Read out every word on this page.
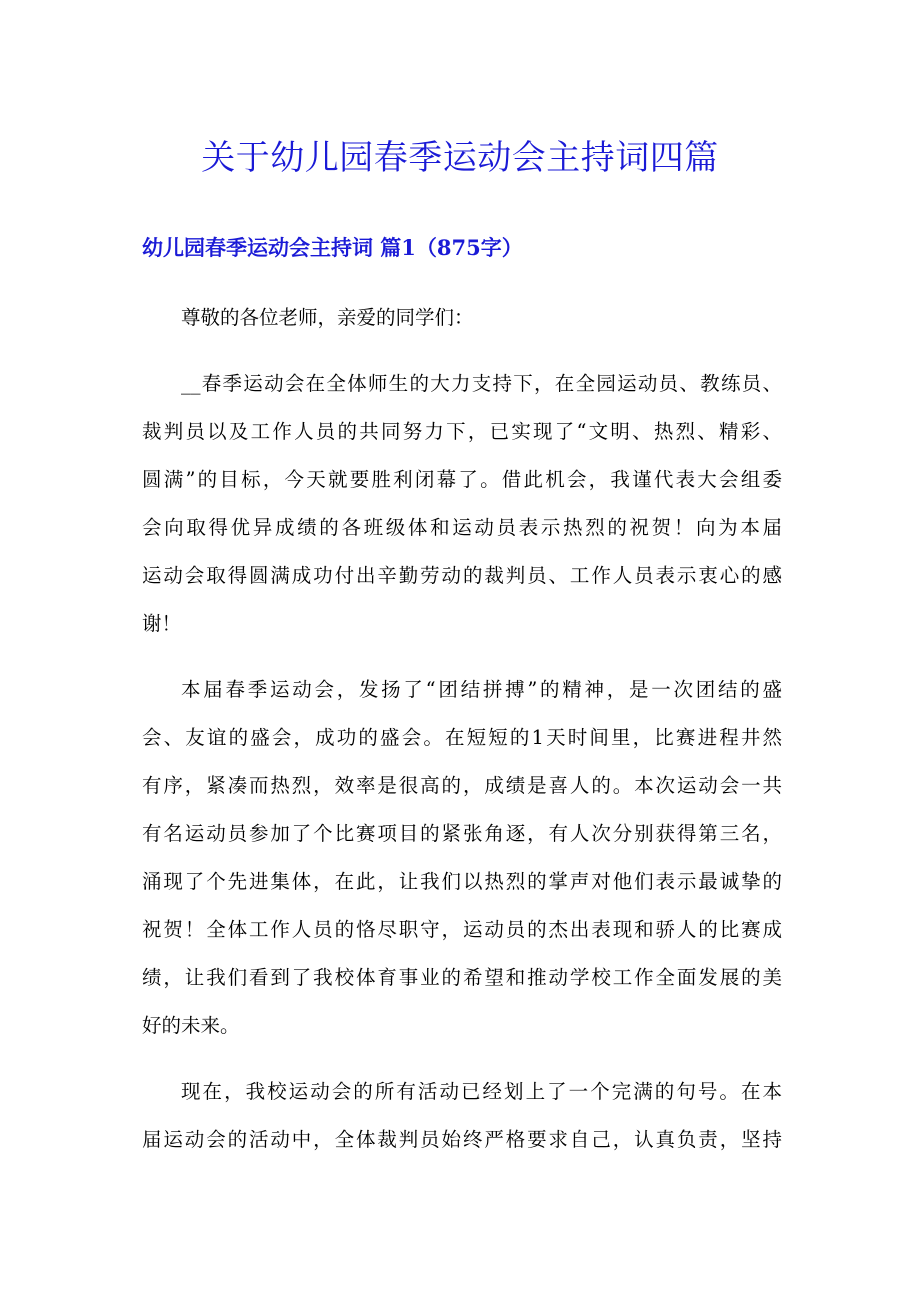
关于幼儿园春季运动会主持词四篇
幼儿园春季运动会主持词 篇1（875字）
尊敬的各位老师，亲爱的同学们：
__春季运动会在全体师生的大力支持下，在全园运动员、教练员、
裁判员以及工作人员的共同努力下，已实现了“文明、热烈、精彩、
圆满”的目标，今天就要胜利闭幕了。借此机会，我谨代表大会组委
会向取得优异成绩的各班级体和运动员表示热烈的祝贺！向为本届
运动会取得圆满成功付出辛勤劳动的裁判员、工作人员表示衷心的感
谢！
本届春季运动会，发扬了“团结拼搏”的精神，是一次团结的盛
会、友谊的盛会，成功的盛会。在短短的1天时间里，比赛进程井然
有序，紧凑而热烈，效率是很高的，成绩是喜人的。本次运动会一共
有名运动员参加了个比赛项目的紧张角逐，有人次分别获得第三名，
涌现了个先进集体，在此，让我们以热烈的掌声对他们表示最诚挚的
祝贺！全体工作人员的恪尽职守，运动员的杰出表现和骄人的比赛成
绩，让我们看到了我校体育事业的希望和推动学校工作全面发展的美
好的未来。
现在，我校运动会的所有活动已经划上了一个完满的句号。在本
届运动会的活动中，全体裁判员始终严格要求自己，认真负责，坚持
